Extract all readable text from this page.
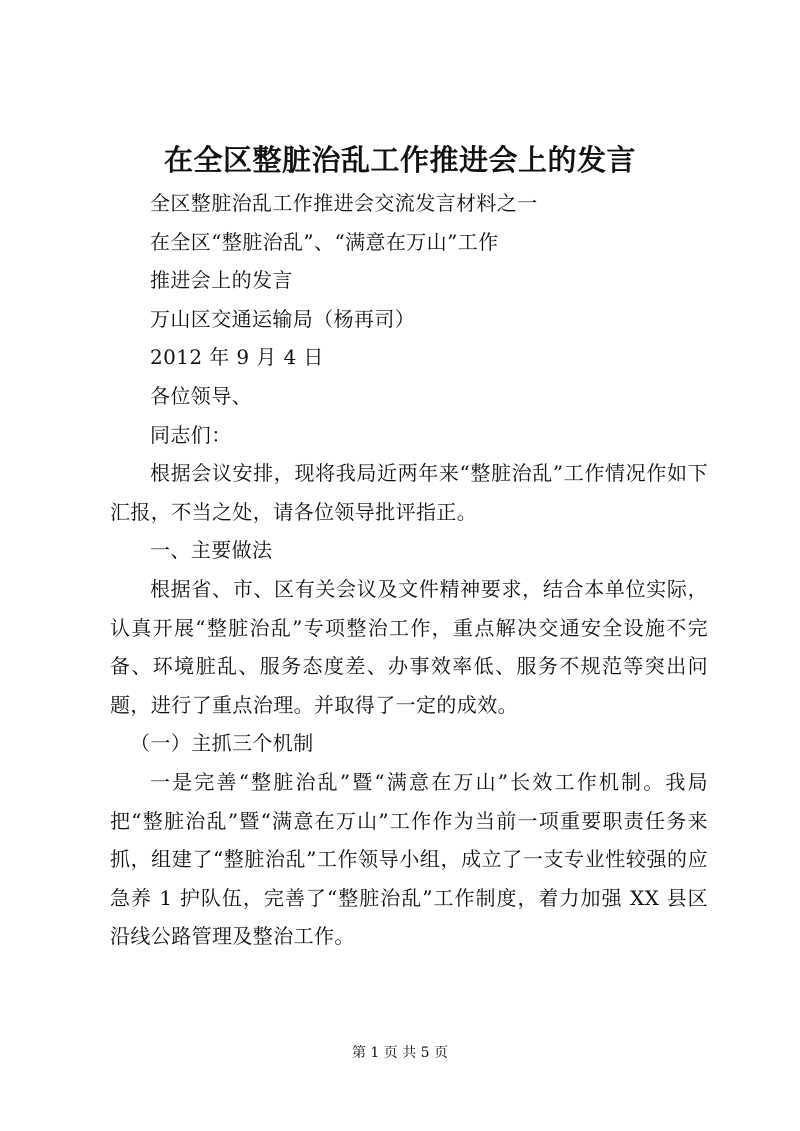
在全区整脏治乱工作推进会上的发言

全区整脏治乱工作推进会交流发言材料之一

在全区“整脏治乱”、“满意在万山”工作

推进会上的发言

万山区交通运输局（杨再司）

2012 年 9 月 4 日

各位领导、

同志们：

根据会议安排，现将我局近两年来“整脏治乱”工作情况作如下汇报，不当之处，请各位领导批评指正。

一、主要做法

根据省、市、区有关会议及文件精神要求，结合本单位实际，认真开展“整脏治乱”专项整治工作，重点解决交通安全设施不完备、环境脏乱、服务态度差、办事效率低、服务不规范等突出问题，进行了重点治理。并取得了一定的成效。

（一）主抓三个机制

一是完善“整脏治乱”暨“满意在万山”长效工作机制。我局把“整脏治乱”暨“满意在万山”工作作为当前一项重要职责任务来抓，组建了“整脏治乱”工作领导小组，成立了一支专业性较强的应急养 1 护队伍，完善了“整脏治乱”工作制度，着力加强 XX 县区沿线公路管理及整治工作。

第 1 页 共 5 页
